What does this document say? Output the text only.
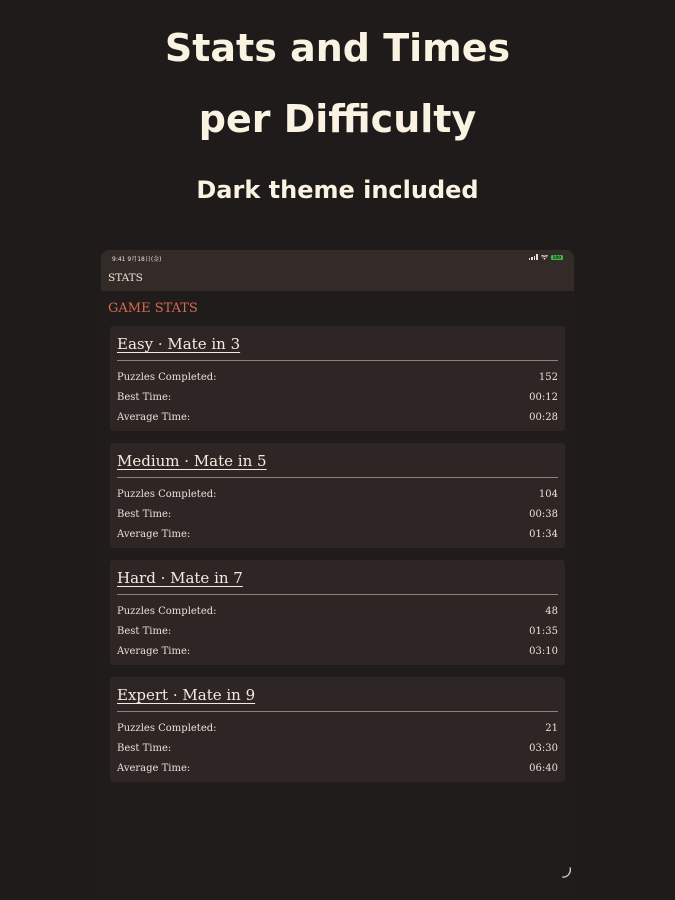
Stats and Times
per Difficulty
Dark theme included
9:41 9月18日(金)	100
STATS
GAME STATS
Easy · Mate in 3
Puzzles Completed:	152
Best Time:	00:12
Average Time:	00:28
Medium · Mate in 5
Puzzles Completed:	104
Best Time:	00:38
Average Time:	01:34
Hard · Mate in 7
Puzzles Completed:	48
Best Time:	01:35
Average Time:	03:10
Expert · Mate in 9
Puzzles Completed:	21
Best Time:	03:30
Average Time:	06:40
